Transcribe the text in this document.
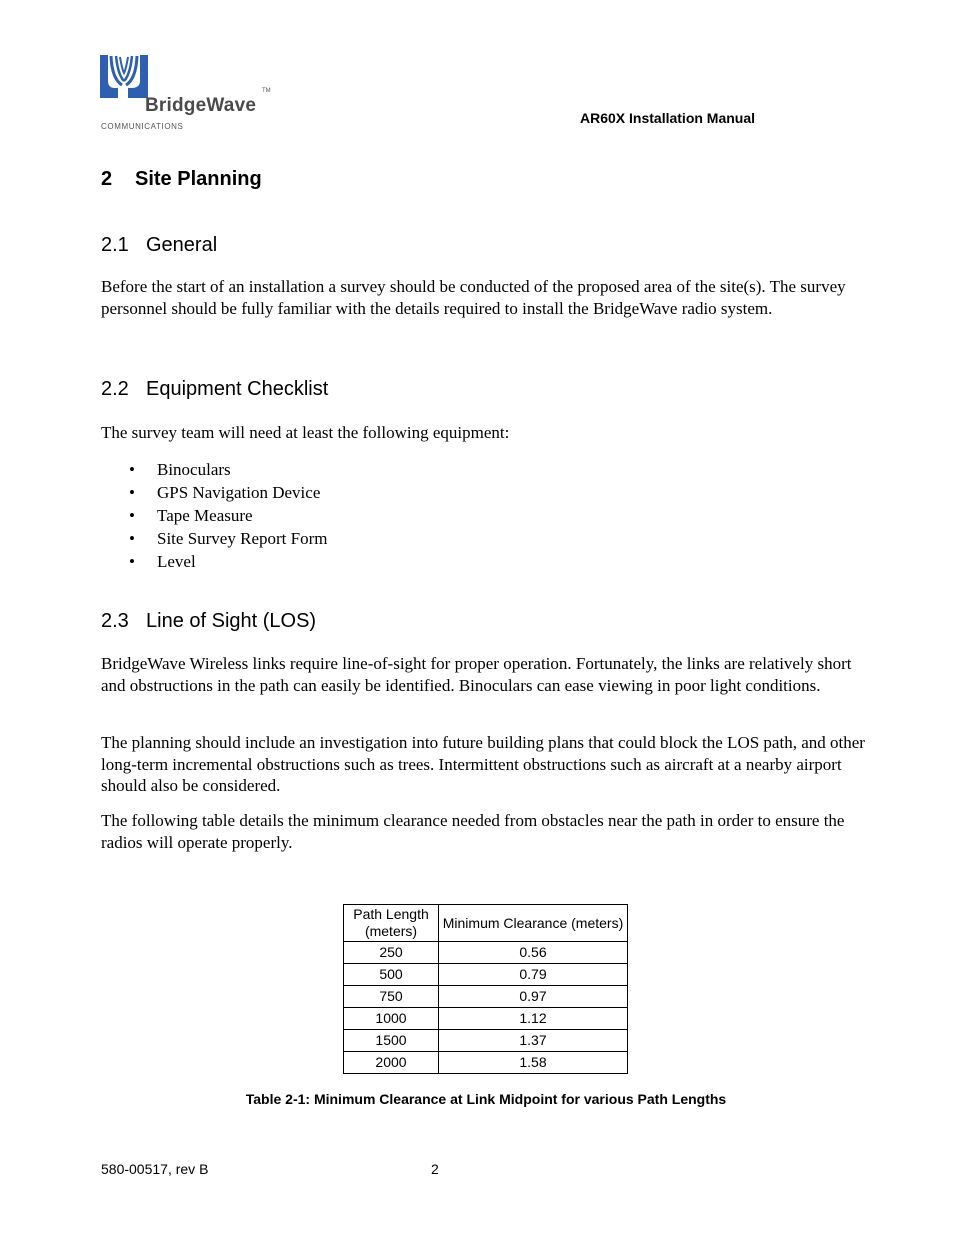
BridgeWave
TM
COMMUNICATIONS
AR60X Installation Manual
2 Site Planning
2.1 General

Before the start of an installation a survey should be conducted of the proposed area of the site(s). The survey personnel should be fully familiar with the details required to install the BridgeWave radio system.

2.2 Equipment Checklist

The survey team will need at least the following equipment:

• Binoculars
• GPS Navigation Device
• Tape Measure
• Site Survey Report Form
• Level
2.3 Line of Sight (LOS)

BridgeWave Wireless links require line-of-sight for proper operation. Fortunately, the links are relatively short and obstructions in the path can easily be identified. Binoculars can ease viewing in poor light conditions.

The planning should include an investigation into future building plans that could block the LOS path, and other long-term incremental obstructions such as trees. Intermittent obstructions such as aircraft at a nearby airport should also be considered.

The following table details the minimum clearance needed from obstacles near the path in order to ensure the radios will operate properly.

Path Length (meters)	Minimum Clearance (meters)
250	0.56
500	0.79
750	0.97
1000	1.12
1500	1.37
2000	1.58
Table 2-1: Minimum Clearance at Link Midpoint for various Path Lengths
580-00517, rev B	2
